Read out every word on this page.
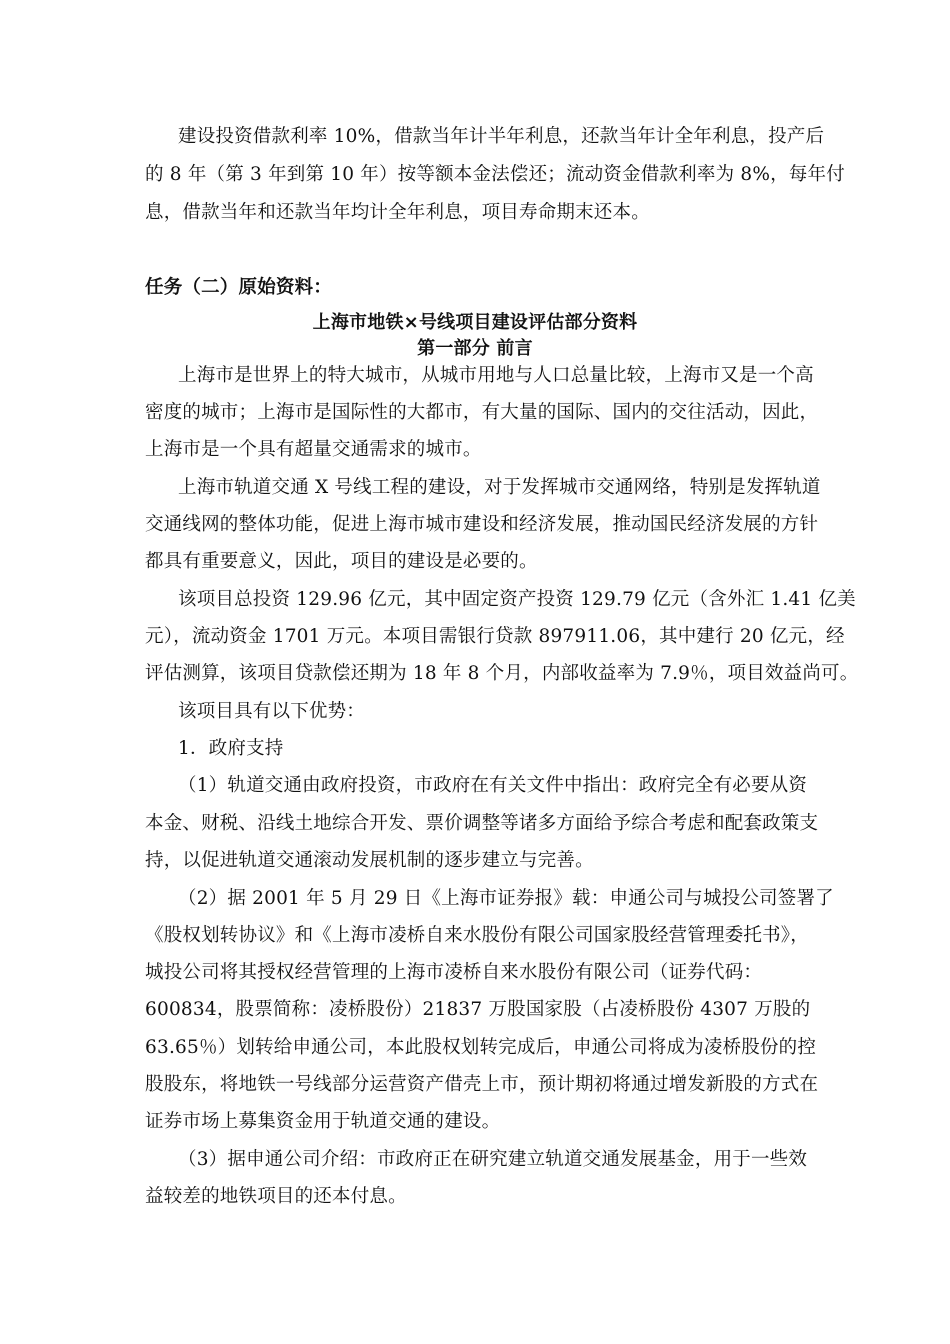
建设投资借款利率 10%，借款当年计半年利息，还款当年计全年利息，投产后
的 8 年（第 3 年到第 10 年）按等额本金法偿还；流动资金借款利率为 8%，每年付
息，借款当年和还款当年均计全年利息，项目寿命期末还本。
任务（二）原始资料：
上海市地铁×号线项目建设评估部分资料
第一部分 前言
上海市是世界上的特大城市，从城市用地与人口总量比较，上海市又是一个高
密度的城市；上海市是国际性的大都市，有大量的国际、国内的交往活动，因此，
上海市是一个具有超量交通需求的城市。
上海市轨道交通 X 号线工程的建设，对于发挥城市交通网络，特别是发挥轨道
交通线网的整体功能，促进上海市城市建设和经济发展，推动国民经济发展的方针
都具有重要意义，因此，项目的建设是必要的。
该项目总投资 129.96 亿元，其中固定资产投资 129.79 亿元（含外汇 1.41 亿美
元），流动资金 1701 万元。本项目需银行贷款 897911.06，其中建行 20 亿元，经
评估测算，该项目贷款偿还期为 18 年 8 个月，内部收益率为 7.9％，项目效益尚可。
该项目具有以下优势：
1．政府支持
（1）轨道交通由政府投资，市政府在有关文件中指出：政府完全有必要从资
本金、财税、沿线土地综合开发、票价调整等诸多方面给予综合考虑和配套政策支
持，以促进轨道交通滚动发展机制的逐步建立与完善。
（2）据 2001 年 5 月 29 日《上海市证券报》载：申通公司与城投公司签署了
《股权划转协议》和《上海市凌桥自来水股份有限公司国家股经营管理委托书》，
城投公司将其授权经营管理的上海市凌桥自来水股份有限公司（证券代码：
600834，股票简称：凌桥股份）21837 万股国家股（占凌桥股份 4307 万股的
63.65％）划转给申通公司，本此股权划转完成后，申通公司将成为凌桥股份的控
股股东，将地铁一号线部分运营资产借壳上市，预计期初将通过增发新股的方式在
证券市场上募集资金用于轨道交通的建设。
（3）据申通公司介绍：市政府正在研究建立轨道交通发展基金，用于一些效
益较差的地铁项目的还本付息。
